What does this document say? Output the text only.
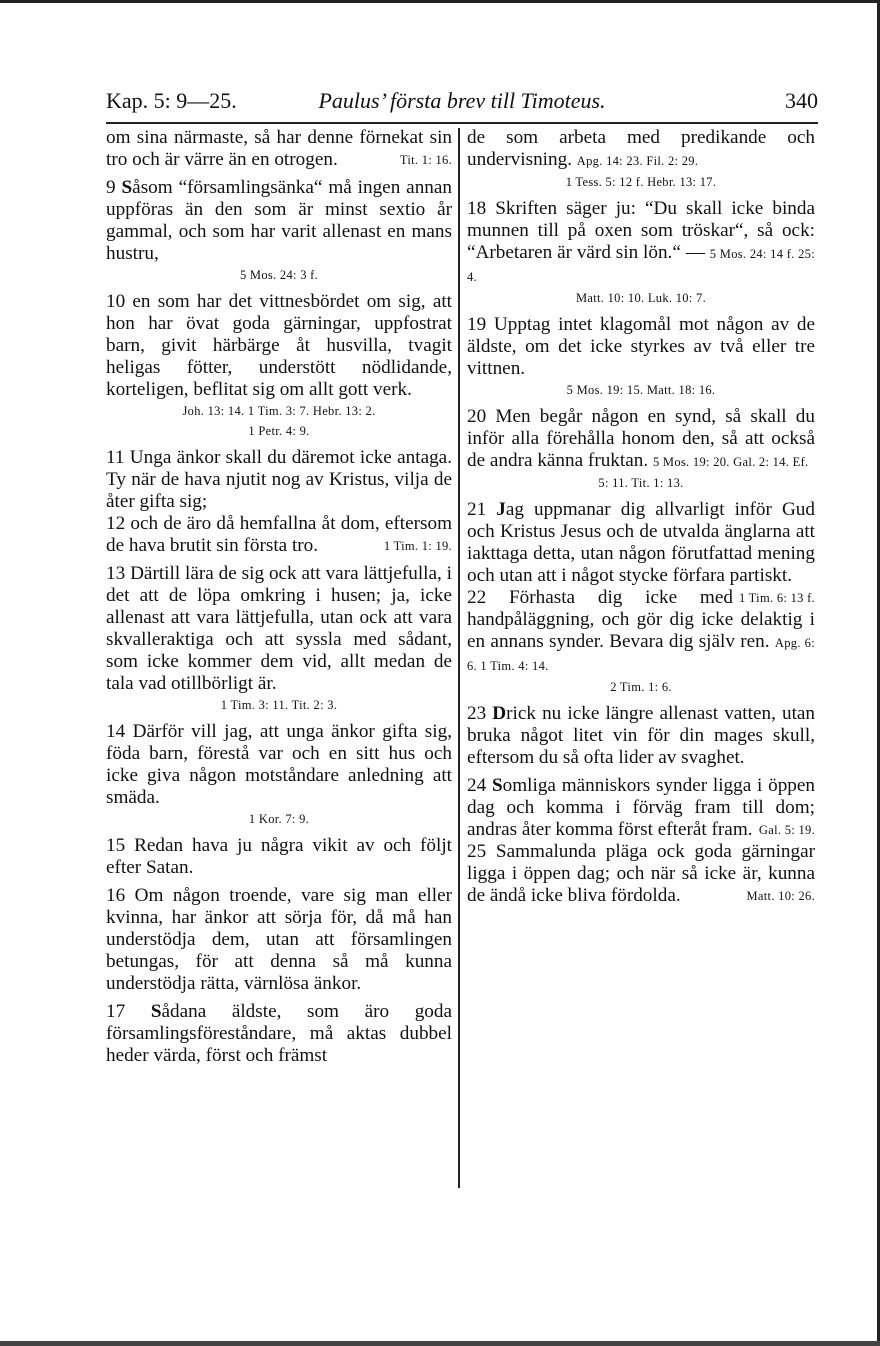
Kap. 5: 9—25.	Paulus’ första brev till Timoteus.	340

om sina närmaste, så har denne förnekat sin tro och är värre än en otrogen.	Tit. 1: 16.

9 Såsom “församlingsänka“ må ingen annan uppföras än den som är minst sextio år gammal, och som har varit allenast en mans hustru,
5 Mos. 24: 3 f.

10 en som har det vittnesbördet om sig, att hon har övat goda gärningar, uppfostrat barn, givit härbärge åt husvilla, tvagit heligas fötter, understött nödlidande, korteligen, beflitat sig om allt gott verk.
Joh. 13: 14. 1 Tim. 3: 7. Hebr. 13: 2.
1 Petr. 4: 9.

11 Unga änkor skall du däremot icke antaga. Ty när de hava njutit nog av Kristus, vilja de åter gifta sig;

12 och de äro då hemfallna åt dom, eftersom de hava brutit sin första tro.	1 Tim. 1: 19.

13 Därtill lära de sig ock att vara lättjefulla, i det att de löpa omkring i husen; ja, icke allenast att vara lättjefulla, utan ock att vara skvalleraktiga och att syssla med sådant, som icke kommer dem vid, allt medan de tala vad otillbörligt är.
1 Tim. 3: 11. Tit. 2: 3.

14 Därför vill jag, att unga änkor gifta sig, föda barn, förestå var och en sitt hus och icke giva någon motståndare anledning att smäda.
1 Kor. 7: 9.

15 Redan hava ju några vikit av och följt efter Satan.

16 Om någon troende, vare sig man eller kvinna, har änkor att sörja för, då må han understödja dem, utan att församlingen betungas, för att denna så må kunna understödja rätta, värnlösa änkor.

17 Sådana äldste, som äro goda församlingsföreståndare, må aktas dubbel heder värda, först och främst

de som arbeta med predikande och undervisning. Apg. 14: 23. Fil. 2: 29.
1 Tess. 5: 12 f. Hebr. 13: 17.

18 Skriften säger ju: “Du skall icke binda munnen till på oxen som tröskar“, så ock: “Arbetaren är värd sin lön.“ — 5 Mos. 24: 14 f. 25: 4.
Matt. 10: 10. Luk. 10: 7.

19 Upptag intet klagomål mot någon av de äldste, om det icke styrkes av två eller tre vittnen.
5 Mos. 19: 15. Matt. 18: 16.

20 Men begår någon en synd, så skall du inför alla förehålla honom den, så att också de andra känna fruktan. 5 Mos. 19: 20. Gal. 2: 14. Ef.
5: 11. Tit. 1: 13.

21 Jag uppmanar dig allvarligt inför Gud och Kristus Jesus och de utvalda änglarna att iakttaga detta, utan någon förutfattad mening och utan att i något stycke förfara partiskt.
1 Tim. 6: 13 f.

22 Förhasta dig icke med handpåläggning, och gör dig icke delaktig i en annans synder. Bevara dig själv ren. Apg. 6: 6. 1 Tim. 4: 14.
2 Tim. 1: 6.

23 Drick nu icke längre allenast vatten, utan bruka något litet vin för din mages skull, eftersom du så ofta lider av svaghet.

24 Somliga människors synder ligga i öppen dag och komma i förväg fram till dom; andras åter komma först efteråt fram. Gal. 5: 19.

25 Sammalunda pläga ock goda gärningar ligga i öppen dag; och när så icke är, kunna de ändå icke bliva fördolda.	Matt. 10: 26.
